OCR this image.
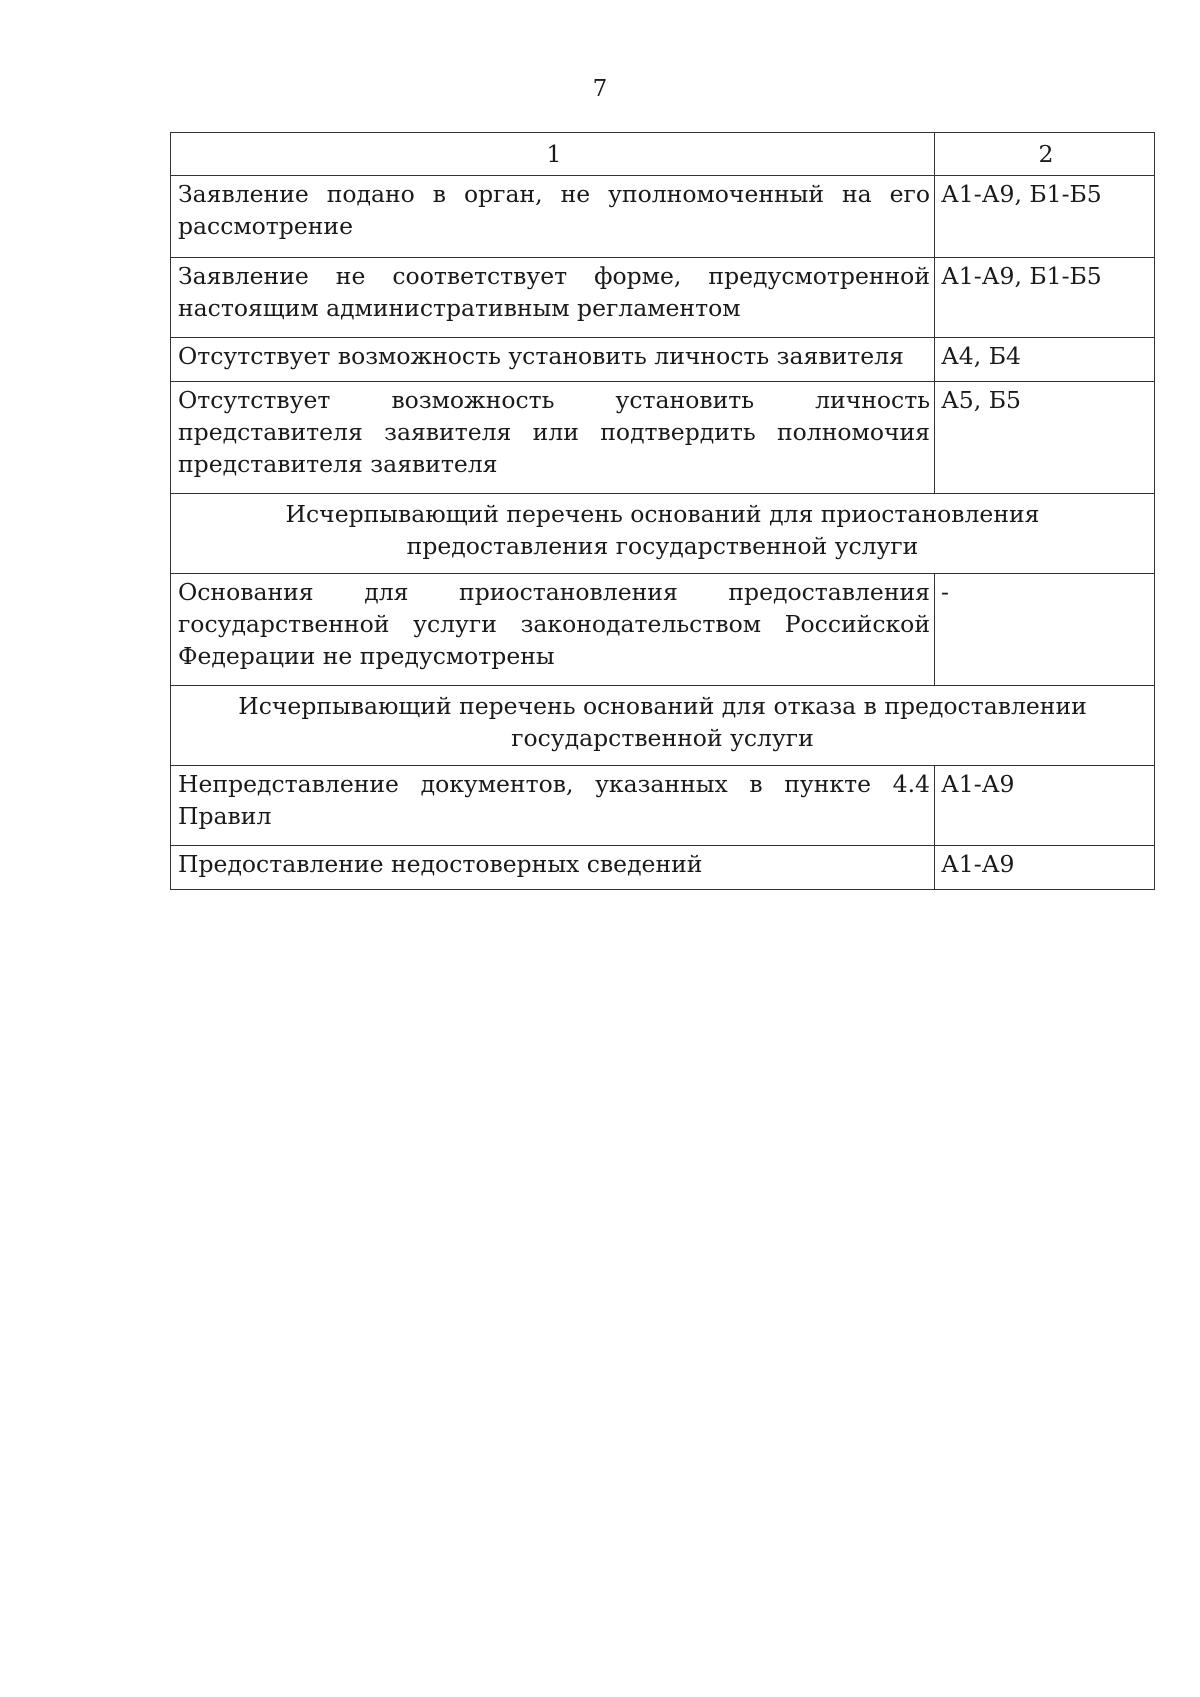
7
1	2
Заявление подано в орган, не уполномоченный на его рассмотрение	А1-А9, Б1-Б5
Заявление не соответствует форме, предусмотренной настоящим административным регламентом	А1-А9, Б1-Б5
Отсутствует возможность установить личность заявителя	А4, Б4
Отсутствует возможность установить личность представителя заявителя или подтвердить полномочия представителя заявителя	А5, Б5
Исчерпывающий перечень оснований для приостановления предоставления государственной услуги	
Основания для приостановления предоставления государственной услуги законодательством Российской Федерации не предусмотрены	-
Исчерпывающий перечень оснований для отказа в предоставлении государственной услуги	
Непредставление документов, указанных в пункте 4.4 Правил	А1-А9
Предоставление недостоверных сведений	А1-А9
